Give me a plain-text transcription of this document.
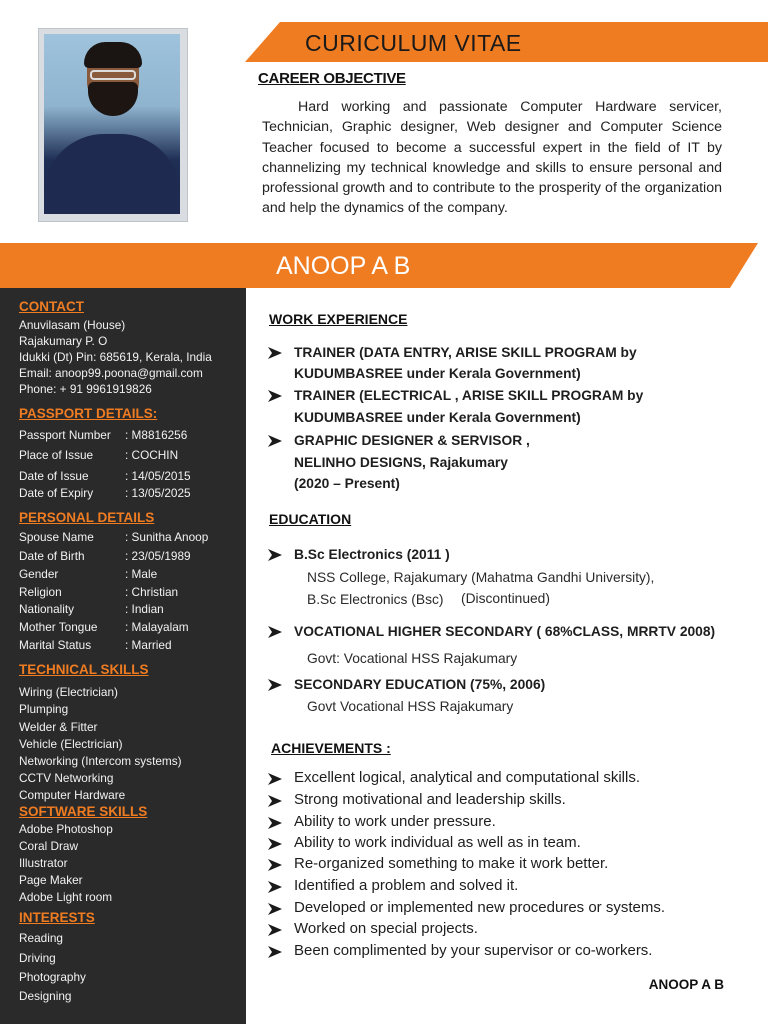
CURICULUM VITAE
CAREER OBJECTIVE
Hard working and passionate Computer Hardware servicer, Technician, Graphic designer, Web designer and Computer Science Teacher focused to become a successful expert in the field of IT by channelizing my technical knowledge and skills to ensure personal and professional growth and to contribute to the prosperity of the organization and help the dynamics of the company.
ANOOP A B
CONTACT
Anuvilasam (House)
Rajakumary P. O
Idukki (Dt) Pin: 685619, Kerala, India
Email: anoop99.poona@gmail.com
Phone: + 91 9961919826
PASSPORT DETAILS:
Passport Number : M8816256
Place of Issue	: COCHIN
Date of Issue	: 14/05/2015
Date of Expiry	: 13/05/2025
PERSONAL DETAILS
Spouse Name	: Sunitha Anoop
Date of Birth	: 23/05/1989
Gender	: Male
Religion	: Christian
Nationality	: Indian
Mother Tongue : Malayalam
Marital Status	: Married
TECHNICAL SKILLS
Wiring (Electrician)
Plumping
Welder & Fitter
Vehicle (Electrician)
Networking (Intercom systems)
CCTV Networking
Computer Hardware
SOFTWARE SKILLS
Adobe Photoshop
Coral Draw
Illustrator
Page Maker
Adobe Light room
INTERESTS
Reading
Driving
Photography
Designing
WORK EXPERIENCE
TRAINER (DATA ENTRY, ARISE SKILL PROGRAM by
KUDUMBASREE under Kerala Government)
TRAINER (ELECTRICAL , ARISE SKILL PROGRAM by
KUDUMBASREE under Kerala Government)
GRAPHIC DESIGNER & SERVISOR ,
NELINHO DESIGNS, Rajakumary
(2020 – Present)
EDUCATION
B.Sc Electronics (2011 )
NSS College, Rajakumary (Mahatma Gandhi University),
B.Sc Electronics (Bsc) (Discontinued)
VOCATIONAL HIGHER SECONDARY ( 68%CLASS, MRRTV 2008)
Govt: Vocational HSS Rajakumary
SECONDARY EDUCATION (75%, 2006)
Govt Vocational HSS Rajakumary
ACHIEVEMENTS :
Excellent logical, analytical and computational skills.
Strong motivational and leadership skills.
Ability to work under pressure.
Ability to work individual as well as in team.
Re-organized something to make it work better.
Identified a problem and solved it.
Developed or implemented new procedures or systems.
Worked on special projects.
Been complimented by your supervisor or co-workers.
ANOOP A B
